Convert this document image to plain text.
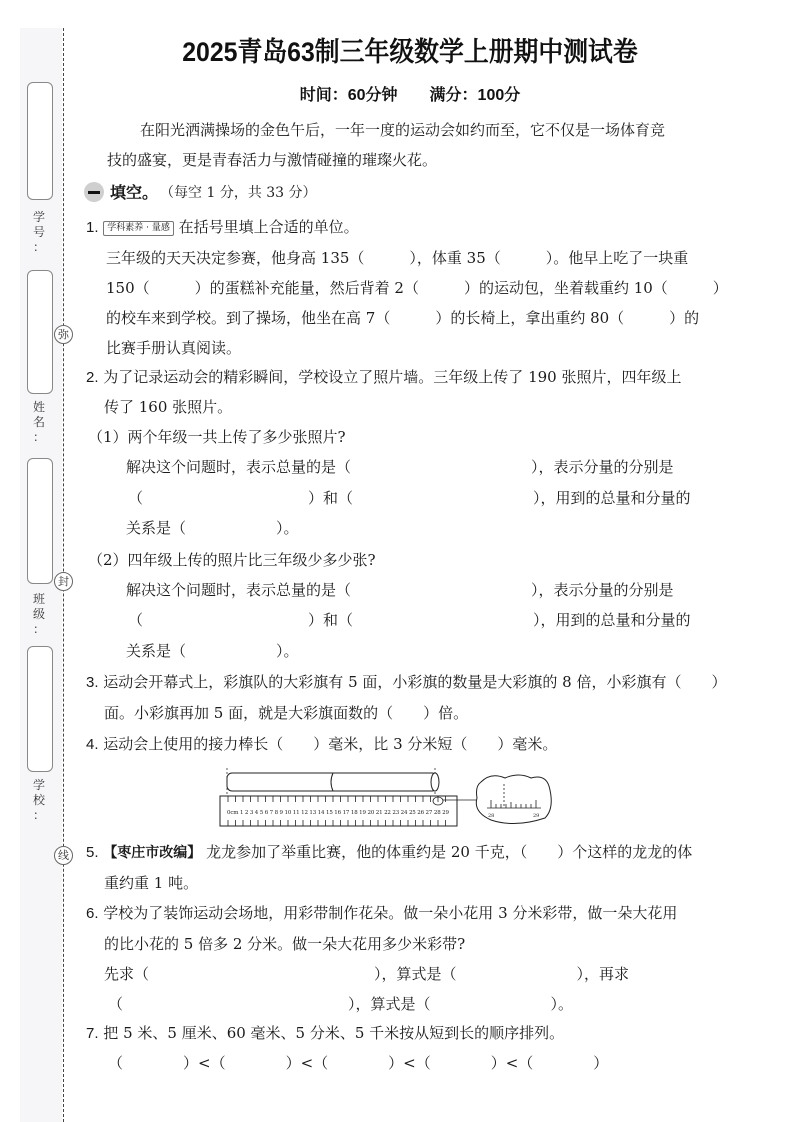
学
号
：
姓
名
：
班
级
：
学
校
：
弥
封
线
2025青岛63制三年级数学上册期中测试卷
时间：60分钟 满分：100分
在阳光洒满操场的金色午后，一年一度的运动会如约而至，它不仅是一场体育竞
技的盛宴，更是青春活力与激情碰撞的璀璨火花。
填空。 （每空 1 分，共 33 分）
1. 学科素养 · 量感 在括号里填上合适的单位。
三年级的天天决定参赛，他身高 135（　　　），体重 35（　　　）。他早上吃了一块重
150（　　　）的蛋糕补充能量，然后背着 2（　　　）的运动包，坐着载重约 10（　　　）
的校车来到学校。到了操场，他坐在高 7（　　　）的长椅上，拿出重约 80（　　　）的
比赛手册认真阅读。
2. 为了记录运动会的精彩瞬间，学校设立了照片墙。三年级上传了 190 张照片，四年级上
传了 160 张照片。
（1）两个年级一共上传了多少张照片?
解决这个问题时，表示总量的是（　　　　　　　　　　　　），表示分量的分别是
（　　　　　　　　　　　）和（　　　　　　　　　　　　），用到的总量和分量的
关系是（　　　　　　）。
（2）四年级上传的照片比三年级少多少张?
解决这个问题时，表示总量的是（　　　　　　　　　　　　），表示分量的分别是
（　　　　　　　　　　　）和（　　　　　　　　　　　　），用到的总量和分量的
关系是（　　　　　　）。
3. 运动会开幕式上，彩旗队的大彩旗有 5 面，小彩旗的数量是大彩旗的 8 倍，小彩旗有（　　）
面。小彩旗再加 5 面，就是大彩旗面数的（　　）倍。
4. 运动会上使用的接力棒长（　　）毫米，比 3 分米短（　　）毫米。
0cm 1 2 3 4 5 6 7 8 9 10 11 12 13 14 15 16 17 18 19 20 21 22 23 24 25 26 27 28 29	28	29
5. 【枣庄市改编】 龙龙参加了举重比赛，他的体重约是 20 千克，（　　）个这样的龙龙的体
重约重 1 吨。
6. 学校为了装饰运动会场地，用彩带制作花朵。做一朵小花用 3 分米彩带，做一朵大花用
的比小花的 5 倍多 2 分米。做一朵大花用多少米彩带?
先求（　　　　　　　　　　　　　　　），算式是（　　　　　　　　），再求
（　　　　　　　　　　　　　　　），算式是（　　　　　　　　）。
7. 把 5 米、5 厘米、60 毫米、5 分米、5 千米按从短到长的顺序排列。
（　　　　）<（　　　　）<（　　　　）<（　　　　）<（　　　　）
